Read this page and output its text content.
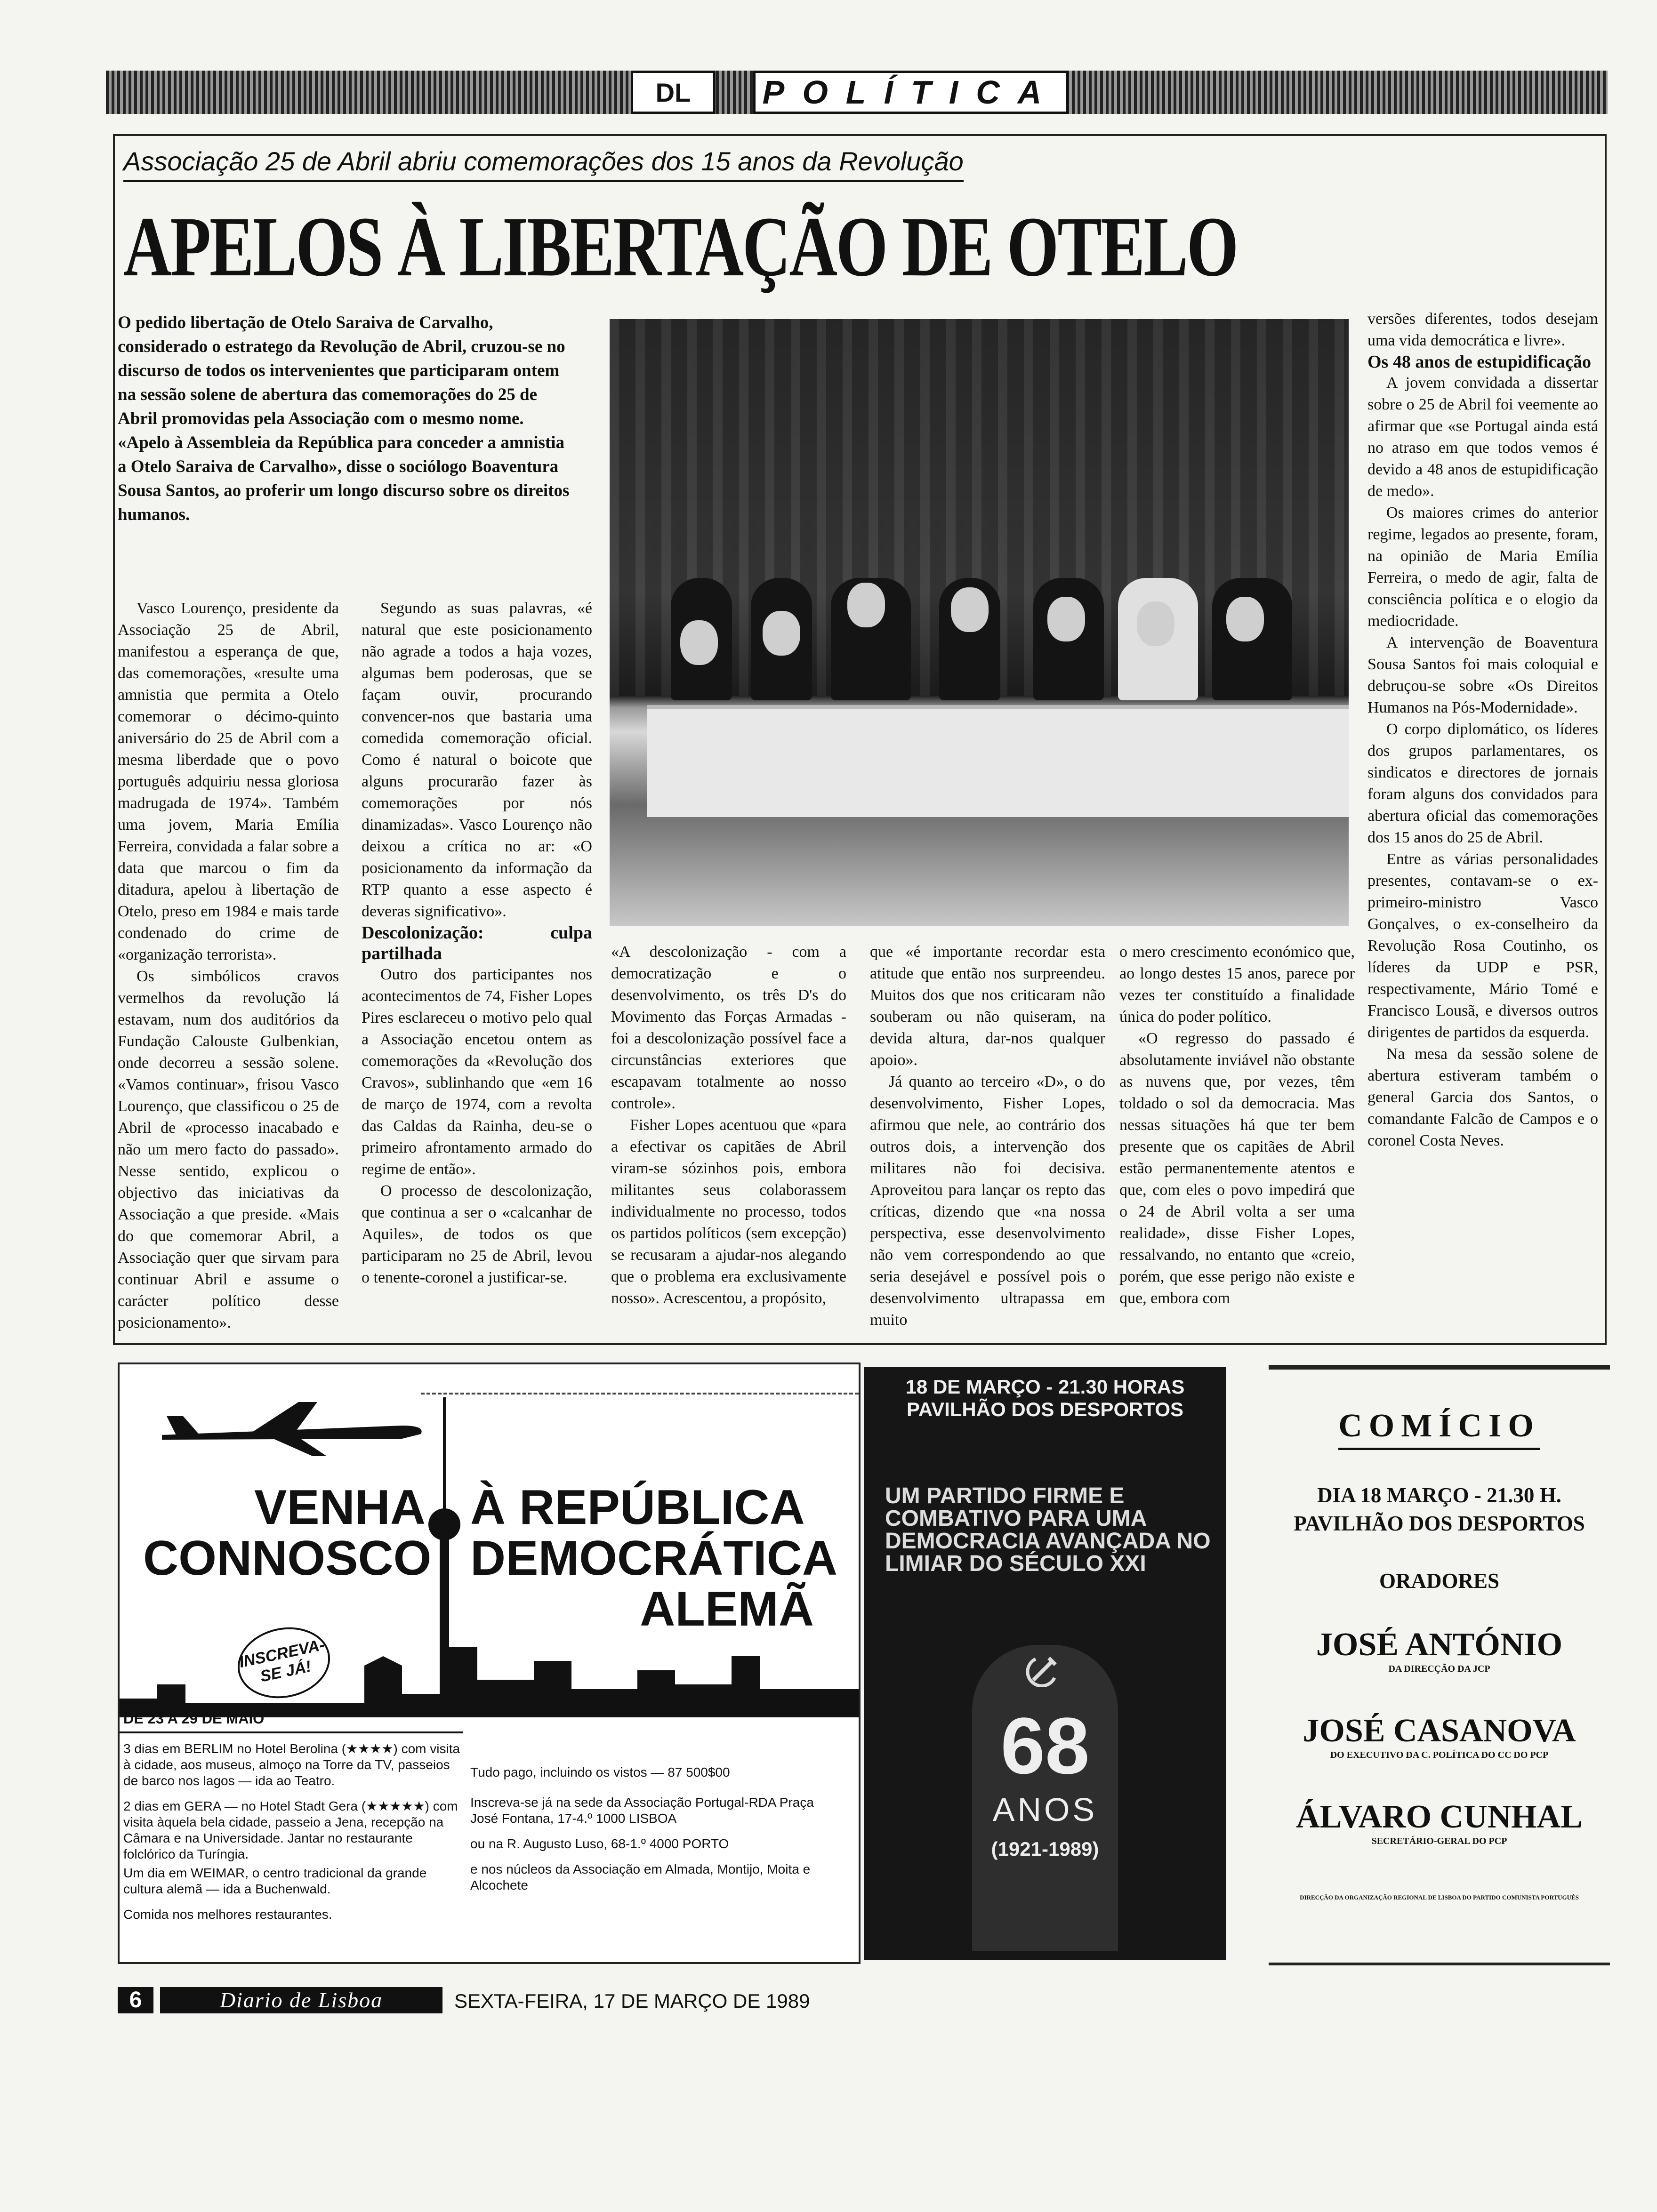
DL	POLÍTICA
Associação 25 de Abril abriu comemorações dos 15 anos da Revolução
APELOS À LIBERTAÇÃO DE OTELO
O pedido libertação de Otelo Saraiva de Carvalho, considerado o estratego da Revolução de Abril, cruzou-se no discurso de todos os intervenientes que participaram ontem na sessão solene de abertura das comemorações do 25 de Abril promovidas pela Associação com o mesmo nome. «Apelo à Assembleia da República para conceder a amnistia a Otelo Saraiva de Carvalho», disse o sociólogo Boaventura Sousa Santos, ao proferir um longo discurso sobre os direitos humanos.

Vasco Lourenço, presidente da Associação 25 de Abril, manifestou a esperança de que, das comemorações, «resulte uma amnistia que permita a Otelo comemorar o décimo-quinto aniversário do 25 de Abril com a mesma liberdade que o povo português adquiriu nessa gloriosa madrugada de 1974». Também uma jovem, Maria Emília Ferreira, convidada a falar sobre a data que marcou o fim da ditadura, apelou à libertação de Otelo, preso em 1984 e mais tarde condenado do crime de «organização terrorista».

Os simbólicos cravos vermelhos da revolução lá estavam, num dos auditórios da Fundação Calouste Gulbenkian, onde decorreu a sessão solene. «Vamos continuar», frisou Vasco Lourenço, que classificou o 25 de Abril de «processo inacabado e não um mero facto do passado». Nesse sentido, explicou o objectivo das iniciativas da Associação a que preside. «Mais do que comemorar Abril, a Associação quer que sirvam para continuar Abril e assume o carácter político desse posicionamento».

Segundo as suas palavras, «é natural que este posicionamento não agrade a todos a haja vozes, algumas bem poderosas, que se façam ouvir, procurando convencer-nos que bastaria uma comedida comemoração oficial. Como é natural o boicote que alguns procurarão fazer às comemorações por nós dinamizadas». Vasco Lourenço não deixou a crítica no ar: «O posicionamento da informação da RTP quanto a esse aspecto é deveras significativo».

Descolonização: culpa partilhada

Outro dos participantes nos acontecimentos de 74, Fisher Lopes Pires esclareceu o motivo pelo qual a Associação encetou ontem as comemorações da «Revolução dos Cravos», sublinhando que «em 16 de março de 1974, com a revolta das Caldas da Rainha, deu-se o primeiro afrontamento armado do regime de então».

O processo de descolonização, que continua a ser o «calcanhar de Aquiles», de todos os que participaram no 25 de Abril, levou o tenente-coronel a justificar-se.

«A descolonização - com a democratização e o desenvolvimento, os três D's do Movimento das Forças Armadas - foi a descolonização possível face a circunstâncias exteriores que escapavam totalmente ao nosso controle».

Fisher Lopes acentuou que «para a efectivar os capitães de Abril viram-se sózinhos pois, embora militantes seus colaborassem individualmente no processo, todos os partidos políticos (sem excepção) se recusaram a ajudar-nos alegando que o problema era exclusivamente nosso». Acrescentou, a propósito,

que «é importante recordar esta atitude que então nos surpreendeu. Muitos dos que nos criticaram não souberam ou não quiseram, na devida altura, dar-nos qualquer apoio».

Já quanto ao terceiro «D», o do desenvolvimento, Fisher Lopes, afirmou que nele, ao contrário dos outros dois, a intervenção dos militares não foi decisiva. Aproveitou para lançar os repto das críticas, dizendo que «na nossa perspectiva, esse desenvolvimento não vem correspondendo ao que seria desejável e possível pois o desenvolvimento ultrapassa em muito

o mero crescimento económico que, ao longo destes 15 anos, parece por vezes ter constituído a finalidade única do poder político.

«O regresso do passado é absolutamente inviável não obstante as nuvens que, por vezes, têm toldado o sol da democracia. Mas nessas situações há que ter bem presente que os capitães de Abril estão permanentemente atentos e que, com eles o povo impedirá que o 24 de Abril volta a ser uma realidade», disse Fisher Lopes, ressalvando, no entanto que «creio, porém, que esse perigo não existe e que, embora com

versões diferentes, todos desejam uma vida democrática e livre».

Os 48 anos de estupidificação

A jovem convidada a dissertar sobre o 25 de Abril foi veemente ao afirmar que «se Portugal ainda está no atraso em que todos vemos é devido a 48 anos de estupidificação de medo».

Os maiores crimes do anterior regime, legados ao presente, foram, na opinião de Maria Emília Ferreira, o medo de agir, falta de consciência política e o elogio da mediocridade.

A intervenção de Boaventura Sousa Santos foi mais coloquial e debruçou-se sobre «Os Direitos Humanos na Pós-Modernidade».

O corpo diplomático, os líderes dos grupos parlamentares, os sindicatos e directores de jornais foram alguns dos convidados para abertura oficial das comemorações dos 15 anos do 25 de Abril.

Entre as várias personalidades presentes, contavam-se o ex-primeiro-ministro Vasco Gonçalves, o ex-conselheiro da Revolução Rosa Coutinho, os líderes da UDP e PSR, respectivamente, Mário Tomé e Francisco Lousã, e diversos outros dirigentes de partidos da esquerda.

Na mesa da sessão solene de abertura estiveram também o general Garcia dos Santos, o comandante Falcão de Campos e o coronel Costa Neves.

VENHA
CONNOSCO
À REPÚBLICA
DEMOCRÁTICA
ALEMÃ
INSCREVA-SE JÁ!
DE 23 A 29 DE MAIO
3 dias em BERLIM no Hotel Berolina (★★★★) com visita à cidade, aos museus, almoço na Torre da TV, passeios de barco nos lagos — ida ao Teatro.
2 dias em GERA — no Hotel Stadt Gera (★★★★★) com visita àquela bela cidade, passeio a Jena, recepção na Câmara e na Universidade. Jantar no restaurante folclórico da Turíngia.
Um dia em WEIMAR, o centro tradicional da grande cultura alemã — ida a Buchenwald.
Comida nos melhores restaurantes.
Tudo pago, incluindo os vistos — 87 500$00
Inscreva-se já na sede da Associação Portugal-RDA Praça José Fontana, 17-4.º 1000 LISBOA
ou na R. Augusto Luso, 68-1.º 4000 PORTO
e nos núcleos da Associação em Almada, Montijo, Moita e Alcochete
18 DE MARÇO - 21.30 HORAS
PAVILHÃO DOS DESPORTOS
UM PARTIDO FIRME E COMBATIVO PARA UMA DEMOCRACIA AVANÇADA NO LIMIAR DO SÉCULO XXI
68
ANOS
(1921-1989)
COMÍCIO
DIA 18 MARÇO - 21.30 H.
PAVILHÃO DOS DESPORTOS
ORADORES
JOSÉ ANTÓNIO
DA DIRECÇÃO DA JCP
JOSÉ CASANOVA
DO EXECUTIVO DA C. POLÍTICA DO CC DO PCP
ÁLVARO CUNHAL
SECRETÁRIO-GERAL DO PCP
DIRECÇÃO DA ORGANIZAÇÃO REGIONAL DE LISBOA DO PARTIDO COMUNISTA PORTUGUÊS
6	Diario de Lisboa	SEXTA-FEIRA, 17 DE MARÇO DE 1989
